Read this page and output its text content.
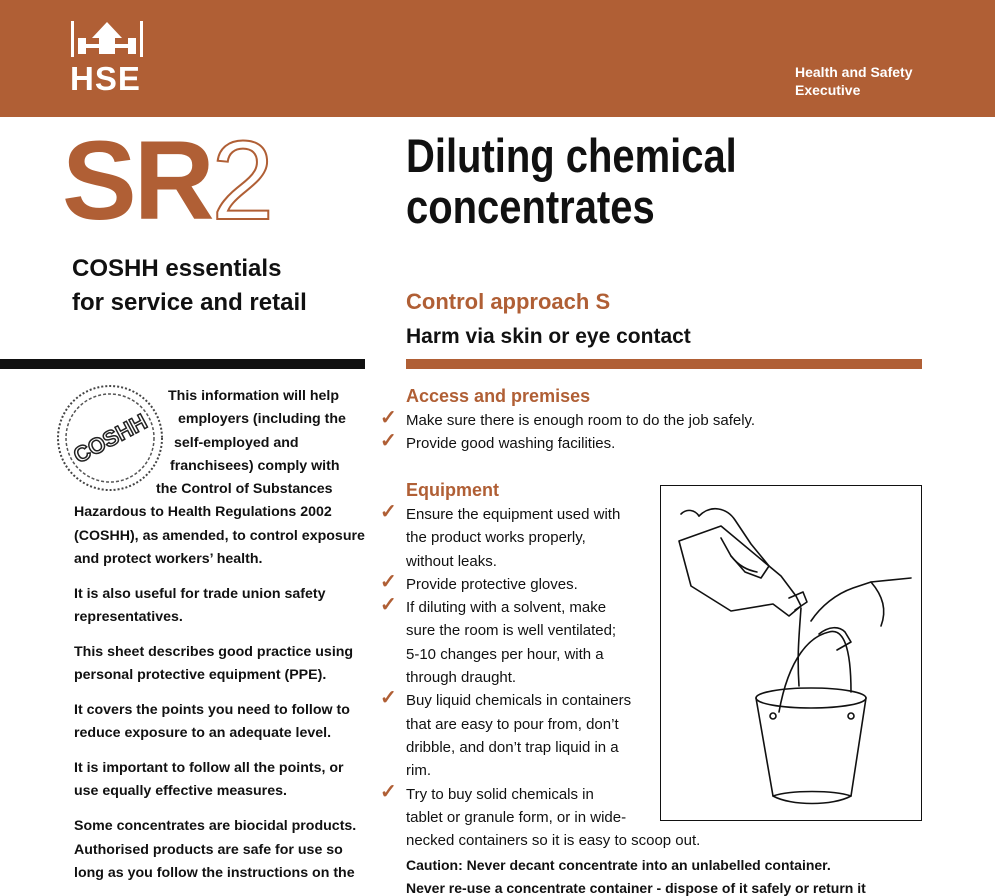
HSE	Health and Safety
Executive
SR2
COSHH essentials
for service and retail
Diluting chemical
concentrates
Control approach S
Harm via skin or eye contact
COSHH

This information will help
employers (including the
self-employed and
franchisees) comply with
the Control of Substances
Hazardous to Health Regulations 2002
(COSHH), as amended, to control exposure
and protect workers’ health.

It is also useful for trade union safety
representatives.

This sheet describes good practice using
personal protective equipment (PPE).

It covers the points you need to follow to
reduce exposure to an adequate level.

It is important to follow all the points, or
use equally effective measures.

Some concentrates are biocidal products.
Authorised products are safe for use so
long as you follow the instructions on the

Access and premises
✓ Make sure there is enough room to do the job safely.
✓ Provide good washing facilities.
Equipment
✓ Ensure the equipment used with
the product works properly,
without leaks.
✓ Provide protective gloves.
✓ If diluting with a solvent, make
sure the room is well ventilated;
5-10 changes per hour, with a
through draught.
✓ Buy liquid chemicals in containers
that are easy to pour from, don’t
dribble, and don’t trap liquid in a
rim.
✓ Try to buy solid chemicals in
tablet or granule form, or in wide-
necked containers so it is easy to scoop out.
Caution: Never decant concentrate into an unlabelled container.
Never re-use a concentrate container - dispose of it safely or return it
